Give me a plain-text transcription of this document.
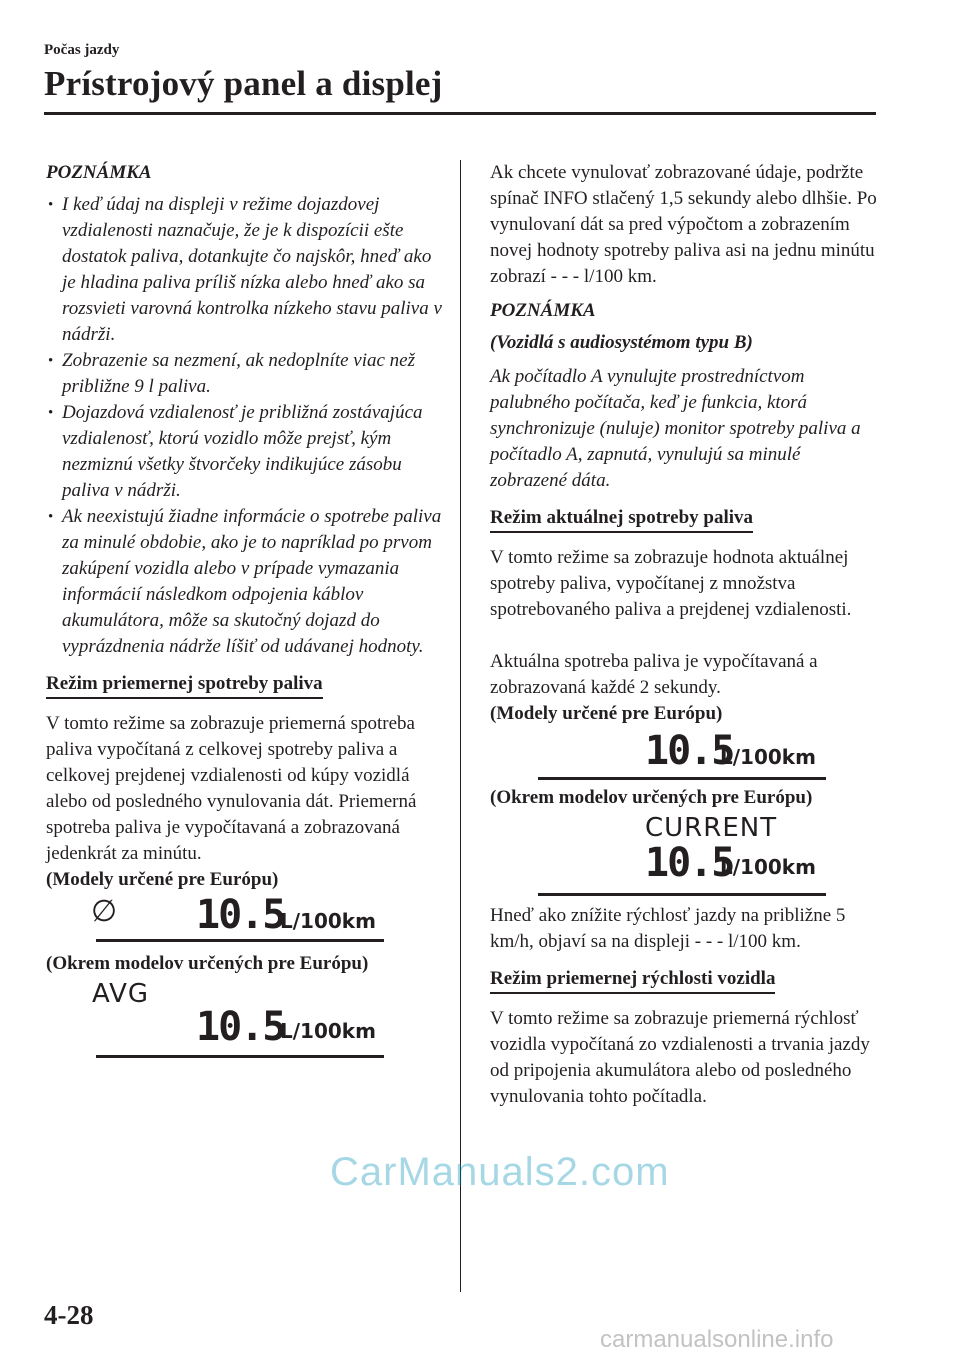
Počas jazdy
Prístrojový panel a displej

POZNÁMKA

• I keď údaj na displeji v režime dojazdovej vzdialenosti naznačuje, že je k dispozícii ešte dostatok paliva, dotankujte čo najskôr, hneď ako je hladina paliva príliš nízka alebo hneď ako sa rozsvieti varovná kontrolka nízkeho stavu paliva v nádrži.
• Zobrazenie sa nezmení, ak nedoplníte viac než približne 9 l paliva.
• Dojazdová vzdialenosť je približná zostávajúca vzdialenosť, ktorú vozidlo môže prejsť, kým nezmiznú všetky štvorčeky indikujúce zásobu paliva v nádrži.
• Ak neexistujú žiadne informácie o spotrebe paliva za minulé obdobie, ako je to napríklad po prvom zakúpení vozidla alebo v prípade vymazania informácií následkom odpojenia káblov akumulátora, môže sa skutočný dojazd do vyprázdnenia nádrže líšiť od udávanej hodnoty.
Režim priemernej spotreby paliva

V tomto režime sa zobrazuje priemerná spotreba paliva vypočítaná z celkovej spotreby paliva a celkovej prejdenej vzdialenosti od kúpy vozidlá alebo od posledného vynulovania dát. Priemerná spotreba paliva je vypočítavaná a zobrazovaná jedenkrát za minútu.

(Modely určené pre Európu)

∅ 10.5
L/100km

(Okrem modelov určených pre Európu)

AVG
10.5
L/100km

Ak chcete vynulovať zobrazované údaje, podržte spínač INFO stlačený 1,5 sekundy alebo dlhšie. Po vynulovaní dát sa pred výpočtom a zobrazením novej hodnoty spotreby paliva asi na jednu minútu zobrazí - - - l/100 km.

POZNÁMKA

(Vozidlá s audiosystémom typu B)

Ak počítadlo A vynulujte prostredníctvom palubného počítača, keď je funkcia, ktorá synchronizuje (nuluje) monitor spotreby paliva a počítadlo A, zapnutá, vynulujú sa minulé zobrazené dáta.

Režim aktuálnej spotreby paliva

V tomto režime sa zobrazuje hodnota aktuálnej spotreby paliva, vypočítanej z množstva spotrebovaného paliva a prejdenej vzdialenosti.

Aktuálna spotreba paliva je vypočítavaná a zobrazovaná každé 2 sekundy.

(Modely určené pre Európu)

10.5
L/100km

(Okrem modelov určených pre Európu)

CURRENT
10.5
L/100km

Hneď ako znížite rýchlosť jazdy na približne 5 km/h, objaví sa na displeji - - - l/100 km.

Režim priemernej rýchlosti vozidla

V tomto režime sa zobrazuje priemerná rýchlosť vozidla vypočítaná zo vzdialenosti a trvania jazdy od pripojenia akumulátora alebo od posledného vynulovania tohto počítadla.

4-28
CarManuals2.com
carmanualsonline.info
